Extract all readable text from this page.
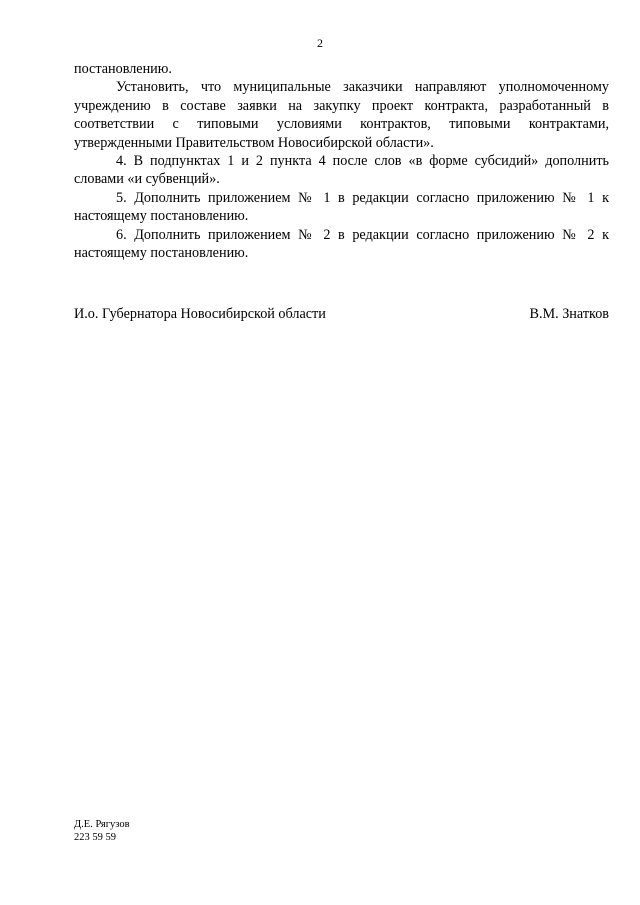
2

постановлению.

Установить, что муниципальные заказчики направляют уполномоченному учреждению в составе заявки на закупку проект контракта, разработанный в соответствии с типовыми условиями контрактов, типовыми контрактами, утвержденными Правительством Новосибирской области».

4. В подпунктах 1 и 2 пункта 4 после слов «в форме субсидий» дополнить словами «и субвенций».

5. Дополнить приложением № 1 в редакции согласно приложению № 1 к настоящему постановлению.

6. Дополнить приложением № 2 в редакции согласно приложению № 2 к настоящему постановлению.

И.о. Губернатора Новосибирской области	В.М. Знатков
Д.Е. Рягузов
223 59 59
